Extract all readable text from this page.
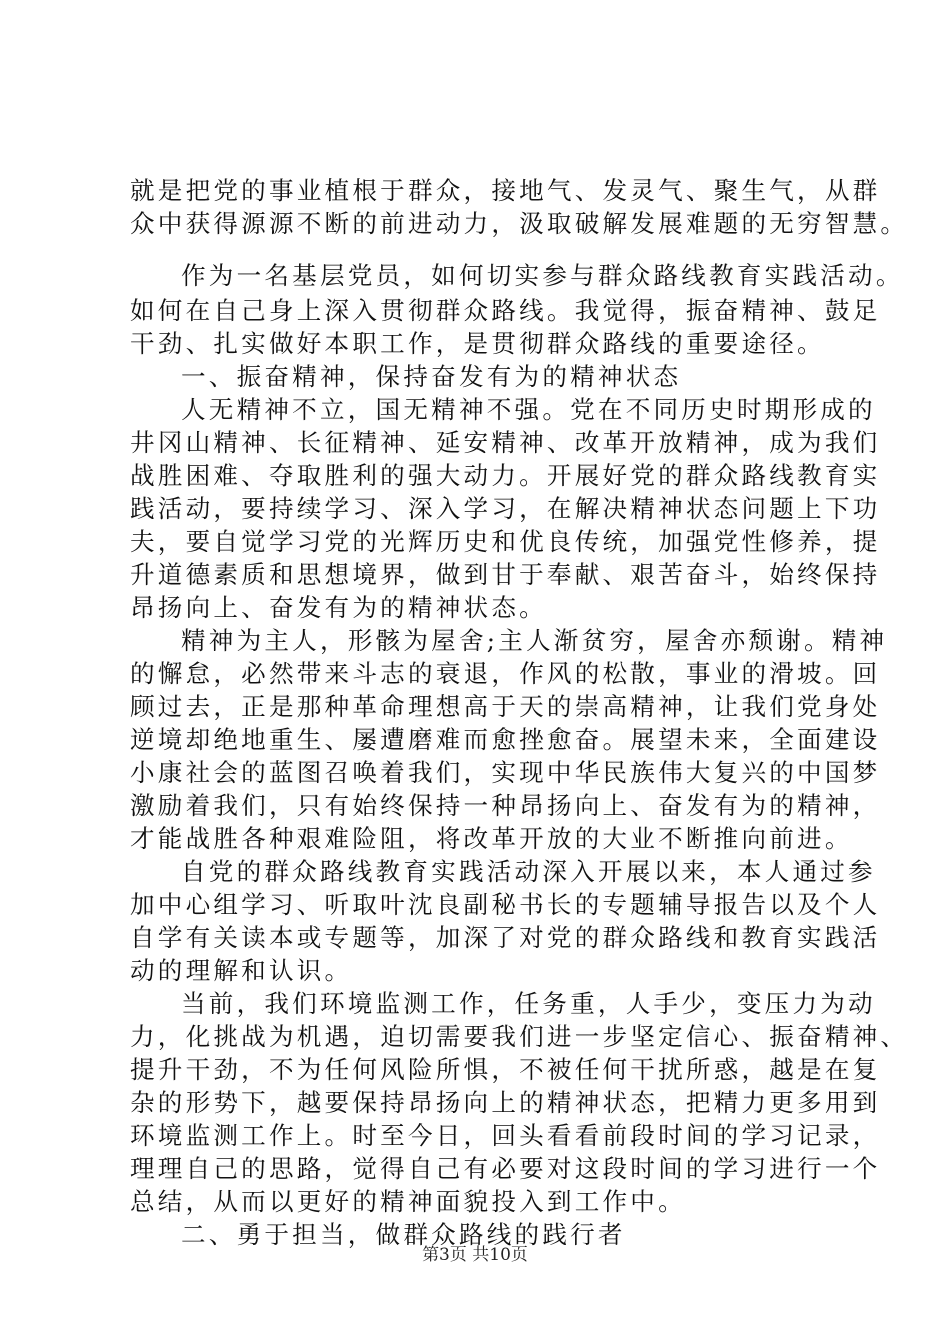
就是把党的事业植根于群众，接地气、发灵气、聚生气，从群
众中获得源源不断的前进动力，汲取破解发展难题的无穷智慧。
作为一名基层党员，如何切实参与群众路线教育实践活动。
如何在自己身上深入贯彻群众路线。我觉得，振奋精神、鼓足
干劲、扎实做好本职工作，是贯彻群众路线的重要途径。
一、振奋精神，保持奋发有为的精神状态
人无精神不立，国无精神不强。党在不同历史时期形成的
井冈山精神、长征精神、延安精神、改革开放精神，成为我们
战胜困难、夺取胜利的强大动力。开展好党的群众路线教育实
践活动，要持续学习、深入学习，在解决精神状态问题上下功
夫，要自觉学习党的光辉历史和优良传统，加强党性修养，提
升道德素质和思想境界，做到甘于奉献、艰苦奋斗，始终保持
昂扬向上、奋发有为的精神状态。
精神为主人，形骸为屋舍;主人渐贫穷，屋舍亦颓谢。精神
的懈怠，必然带来斗志的衰退，作风的松散，事业的滑坡。回
顾过去，正是那种革命理想高于天的崇高精神，让我们党身处
逆境却绝地重生、屡遭磨难而愈挫愈奋。展望未来，全面建设
小康社会的蓝图召唤着我们，实现中华民族伟大复兴的中国梦
激励着我们，只有始终保持一种昂扬向上、奋发有为的精神，
才能战胜各种艰难险阻，将改革开放的大业不断推向前进。
自党的群众路线教育实践活动深入开展以来，本人通过参
加中心组学习、听取叶沈良副秘书长的专题辅导报告以及个人
自学有关读本或专题等，加深了对党的群众路线和教育实践活
动的理解和认识。
当前，我们环境监测工作，任务重，人手少，变压力为动
力，化挑战为机遇，迫切需要我们进一步坚定信心、振奋精神、
提升干劲，不为任何风险所惧，不被任何干扰所惑，越是在复
杂的形势下，越要保持昂扬向上的精神状态，把精力更多用到
环境监测工作上。时至今日，回头看看前段时间的学习记录，
理理自己的思路，觉得自己有必要对这段时间的学习进行一个
总结，从而以更好的精神面貌投入到工作中。
二、勇于担当，做群众路线的践行者
第3页 共10页
